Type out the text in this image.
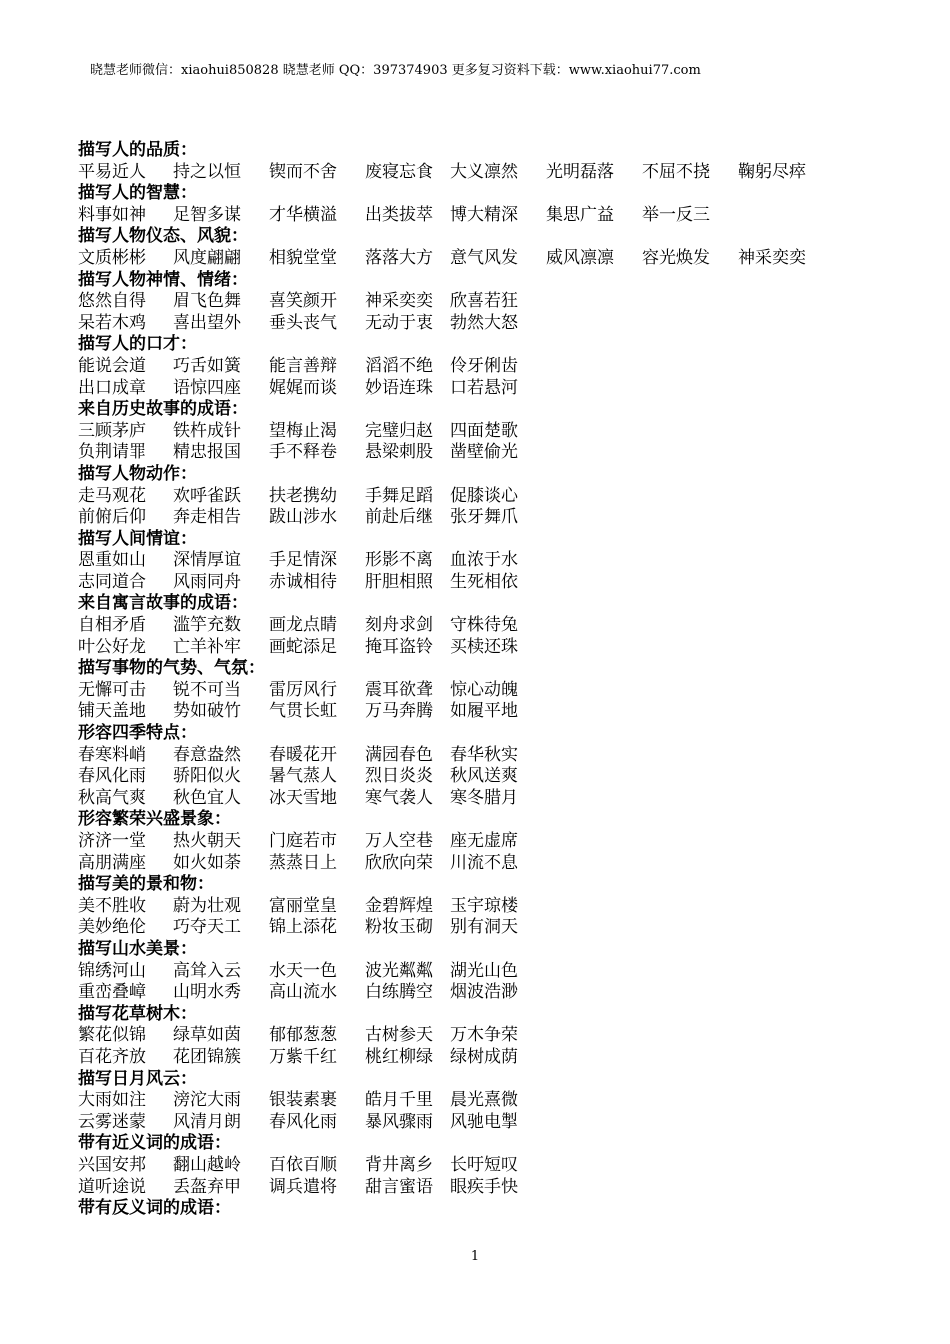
晓慧老师微信：xiaohui850828 晓慧老师 QQ：397374903 更多复习资料下载：www.xiaohui77.com
描写人的品质：
平易近人 持之以恒 锲而不舍 废寝忘食 大义凛然 光明磊落 不屈不挠 鞠躬尽瘁
描写人的智慧：
料事如神 足智多谋 才华横溢 出类拔萃 博大精深 集思广益 举一反三
描写人物仪态、风貌：
文质彬彬 风度翩翩 相貌堂堂 落落大方 意气风发 威风凛凛 容光焕发 神采奕奕
描写人物神情、情绪：
悠然自得 眉飞色舞 喜笑颜开 神采奕奕 欣喜若狂
呆若木鸡 喜出望外 垂头丧气 无动于衷 勃然大怒
描写人的口才：
能说会道 巧舌如簧 能言善辩 滔滔不绝 伶牙俐齿
出口成章 语惊四座 娓娓而谈 妙语连珠 口若悬河
来自历史故事的成语：
三顾茅庐 铁杵成针 望梅止渴 完璧归赵 四面楚歌
负荆请罪 精忠报国 手不释卷 悬梁刺股 凿壁偷光
描写人物动作：
走马观花 欢呼雀跃 扶老携幼 手舞足蹈 促膝谈心
前俯后仰 奔走相告 跋山涉水 前赴后继 张牙舞爪
描写人间情谊：
恩重如山 深情厚谊 手足情深 形影不离 血浓于水
志同道合 风雨同舟 赤诚相待 肝胆相照 生死相依
来自寓言故事的成语：
自相矛盾 滥竽充数 画龙点睛 刻舟求剑 守株待兔
叶公好龙 亡羊补牢 画蛇添足 掩耳盗铃 买椟还珠
描写事物的气势、气氛：
无懈可击 锐不可当 雷厉风行 震耳欲聋 惊心动魄
铺天盖地 势如破竹 气贯长虹 万马奔腾 如履平地
形容四季特点：
春寒料峭 春意盎然 春暖花开 满园春色 春华秋实
春风化雨 骄阳似火 暑气蒸人 烈日炎炎 秋风送爽
秋高气爽 秋色宜人 冰天雪地 寒气袭人 寒冬腊月
形容繁荣兴盛景象：
济济一堂 热火朝天 门庭若市 万人空巷 座无虚席
高朋满座 如火如荼 蒸蒸日上 欣欣向荣 川流不息
描写美的景和物：
美不胜收 蔚为壮观 富丽堂皇 金碧辉煌 玉宇琼楼
美妙绝伦 巧夺天工 锦上添花 粉妆玉砌 别有洞天
描写山水美景：
锦绣河山 高耸入云 水天一色 波光粼粼 湖光山色
重峦叠嶂 山明水秀 高山流水 白练腾空 烟波浩渺
描写花草树木：
繁花似锦 绿草如茵 郁郁葱葱 古树参天 万木争荣
百花齐放 花团锦簇 万紫千红 桃红柳绿 绿树成荫
描写日月风云：
大雨如注 滂沱大雨 银装素裹 皓月千里 晨光熹微
云雾迷蒙 风清月朗 春风化雨 暴风骤雨 风驰电掣
带有近义词的成语：
兴国安邦 翻山越岭 百依百顺 背井离乡 长吁短叹
道听途说 丢盔弃甲 调兵遣将 甜言蜜语 眼疾手快
带有反义词的成语：
1
